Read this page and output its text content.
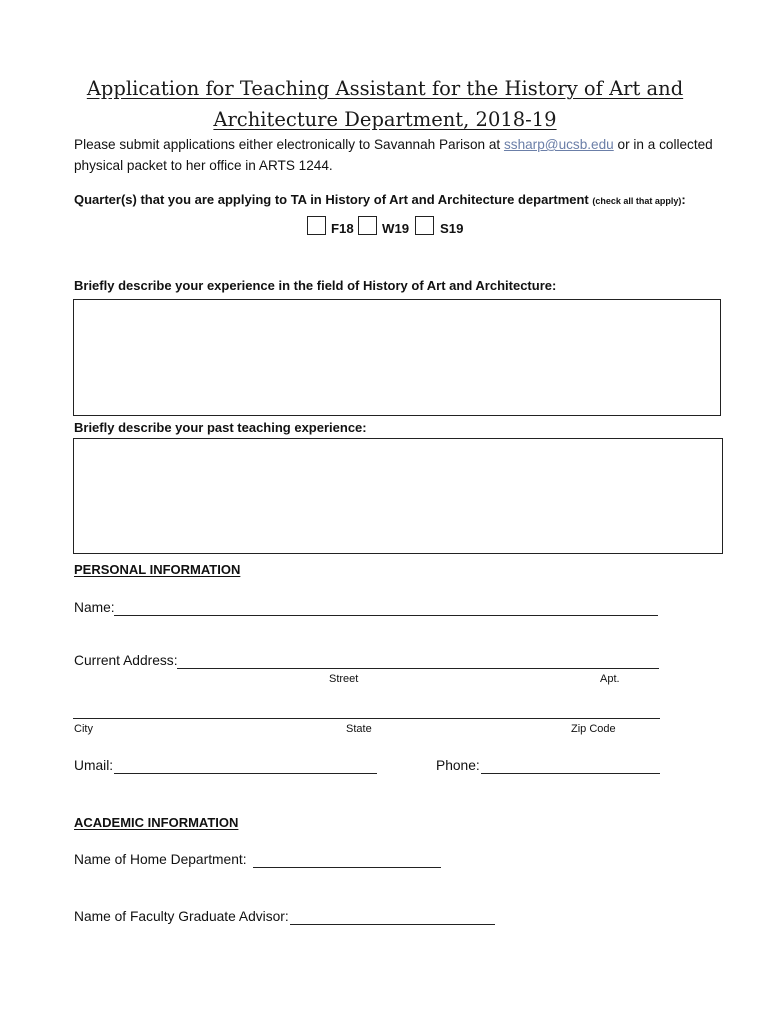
Application for Teaching Assistant for the History of Art and
Architecture Department, 2018-19
Please submit applications either electronically to Savannah Parison at ssharp@ucsb.edu or in a collected physical packet to her office in ARTS 1244.
Quarter(s) that you are applying to TA in History of Art and Architecture department (check all that apply):
F18 W19 S19
Briefly describe your experience in the field of History of Art and Architecture:
Briefly describe your past teaching experience:
PERSONAL INFORMATION
Name:
Current Address:
Street	Apt.
City	State	Zip Code
Umail:	Phone:
ACADEMIC INFORMATION
Name of Home Department:
Name of Faculty Graduate Advisor:
